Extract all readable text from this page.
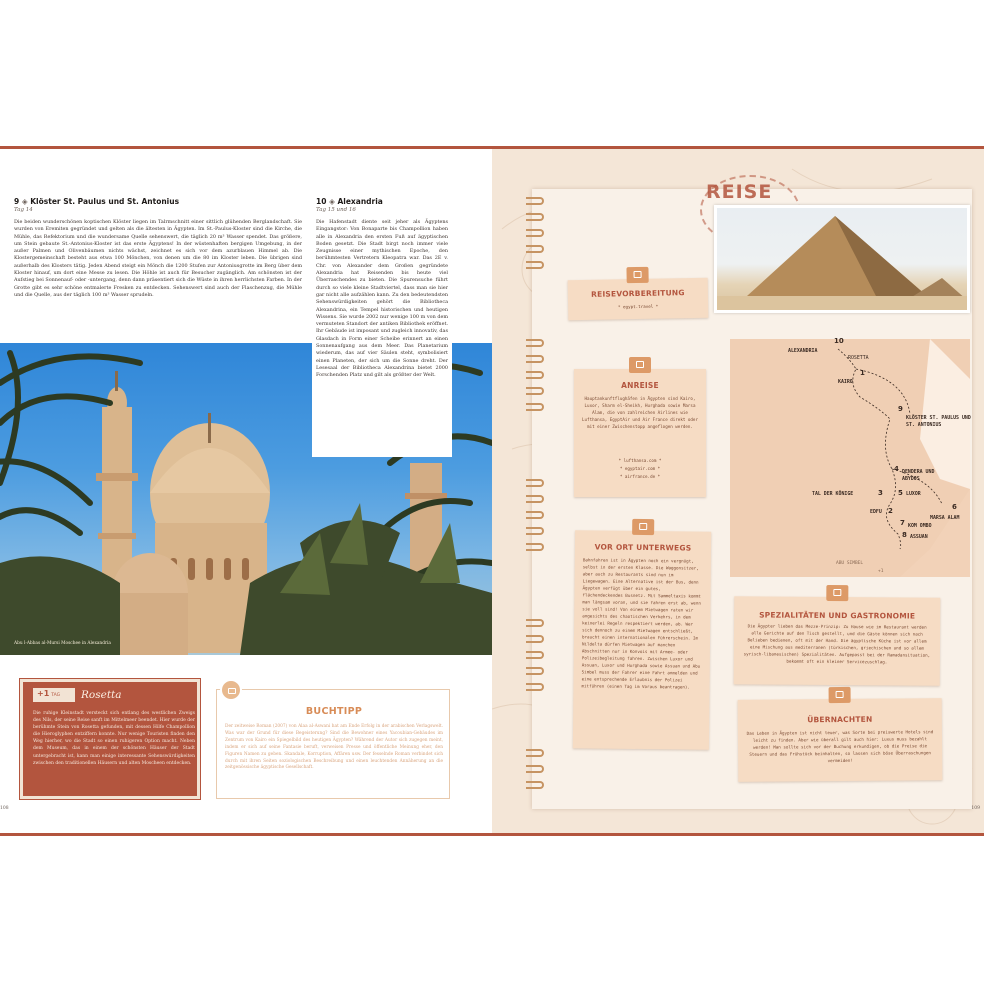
9 ◈ Klöster St. Paulus und St. Antonius
Tag 14
Die beiden wunderschönen koptischen Klöster liegen im Talrmschnitt einer sittlich glühenden Berglandschaft. Sie wurden von Eremiten gegründet und gelten als die ältesten in Ägypten. Im St.-Paulus-Kloster sind die Kirche, die Mühle, das Refektorium und die wundersame Quelle sehenswert, die täglich 20 m³ Wasser spendet. Das größere, um Stein gebaute St.-Antonius-Kloster ist das erste Ägyptens! In der wüstenhaften bergigen Umgebung, in der außer Palmen und Olivenbäumen nichts wächst, zeichnet es sich vor dem azurblauen Himmel ab. Die Klostergemeinschaft besteht aus etwa 100 Mönchen, von denen um die 80 im Kloster leben. Die übrigen sind außerhalb des Klosters tätig. Jeden Abend steigt ein Mönch die 1200 Stufen zur Antoniusgrotte im Berg über dem Kloster hinauf, um dort eine Messe zu lesen. Die Höhle ist auch für Besucher zugänglich. Am schönsten ist der Aufstieg bei Sonnenauf- oder -untergang, denn dann präsentiert sich die Wüste in ihren herrlichsten Farben. In der Grotte gibt es sehr schöne entmalerte Fresken zu entdecken. Sehenswert sind auch der Flaschenzug, die Mühle und die Quelle, aus der täglich 100 m³ Wasser sprudeln.
Abu l-Abbas al-Mursi Moschee in Alexandria
10 ◈ Alexandria
Tag 15 und 16
Die Hafenstadt diente seit jeher als Ägyptens Eingangstor: Von Bonaparte bis Champollion haben alle in Alexandria den ersten Fuß auf ägyptischen Boden gesetzt. Die Stadt birgt noch immer viele Zeugnisse einer mythischen Epoche, den berühmtesten Vertretern Kleopatra war. Das 2E v. Chr. von Alexander dem Großen gegründete Alexandria hat Reisenden bis heute viel Überraschendes zu bieten. Die Spurensuche führt durch so viele kleine Stadtviertel, dass man sie hier gar nicht alle aufzählen kann. Zu den bedeutendsten Sehenswürdigkeiten gehört die Bibliotheca Alexandrina, ein Tempel historischen und heutigen Wissens. Sie wurde 2002 nur wenige 100 m von dem vermuteten Standort der antiken Bibliothek eröffnet. Ihr Gebäude ist imposant und zugleich innovativ, das Glasdach in Form einer Scheibe erinnert an einen Sonnenaufgang aus dem Meer. Das Planetarium wiederum, das auf vier Säulen steht, symbolisiert einen Planeten, der sich um die Sonne dreht. Der Lesesaal der Bibliotheca Alexandrina bietet 2000 Forschenden Platz und gilt als größter der Welt.
+1 TAG	Rosetta
Die ruhige Kleinstadt versteckt sich entlang des westlichen Zweigs des Nils, der seine Reise sanft im Mittelmeer beendet. Hier wurde der berühmte Stein von Rosetta gefunden, mit dessen Hilfe Champollion die Hieroglyphen entziffern konnte. Nur wenige Touristen finden den Weg hierher, wo die Stadt so einen ruhigeren Option macht. Neben dem Museum, das in einem der schönsten Häuser der Stadt untergebracht ist, kann man einige interessante Sehenswürdigkeiten zwischen den traditionellen Häusern und alten Moscheen entdecken.
BUCHTIPP
Der zeitweise Roman (2007) von Alaa al-Aswani hat am Ende Erfolg in der arabischen Verlagswelt. Was war der Grund für diese Begeisterung? Sind die Bewohner eines Yacoubian-Gebäudes im Zentrum von Kairo ein Spiegelbild des heutigen Ägypten? Während der Autor sich zugegen meint, indem er sich auf seine Fantasie beruft, verweisen Presse und öffentliche Meinung eher, den Figuren Namen zu geben. Skandale, Korruption, Affären usw. Der fesselnde Roman verbindet sich durch mit ihren Seiten soziologischen Beschreibung und einen leuchtenden Annäherung an die zeitgenössische ägyptische Gesellschaft.
108
REISE
REISEVORBEREITUNG
* egypt.travel *
ANREISE
Hauptankunftflughäfen in Ägypten sind Kairo, Luxor, Sharm el-Sheikh, Hurghada sowie Marsa Alam, die von zahlreichen Airlines wie Lufthansa, EgyptAir und Air France direkt oder mit einer Zwischenstopp angeflogen werden.
* lufthansa.com *
* egyptair.com *
* airfrance.de *
VOR ORT UNTERWEGS
Bahnfahren ist in Ägypten noch ein vergnügt, selbst in der ersten Klasse. Die Waggonsitzer, aber auch zu Restaurants sind nun im Liegewagen. Eine Alternative ist der Bus, denn Ägypten verfügt über ein gutes, flächendeckendes Busnetz. Mit Sammeltaxis kommt man längsam voran, und sie fahren erst ab, wenn sie voll sind! Von einem Mietwagen raten wir angesichts des chaotischen Verkehrs, in dem keinerlei Regeln respektiert werden, ab. Wer sich dennoch zu einem Mietwagen entschließt, braucht einen internationalen Führerschein. Im Nildelta dürfen Mietwagen auf manchen Abschnitten nur in Konvois mit Armee- oder Polizeibegleitung fahren. Zwischen Luxor und Assuan, Luxor und Hurghada sowie Assuan und Abu Simbel muss der Fahrer eine Fahrt anmelden und eine entsprechende Erlaubnis der Polizei mitführen (einen Tag im Voraus beantragen).
10
ALEXANDRIA
ROSETTA
1
KAIRO
9
KLÖSTER ST. PAULUS UND ST. ANTONIUS
4 DENDERA UND ABYDOS
5 LUXOR
TAL DER KÖNIGE	3
EDFU 2	6
MARSA ALAM
7 KOM OMBO
8 ASSUAN
ABU SIMBEL
+1
SPEZIALITÄTEN UND GASTRONOMIE
Die Ägypter lieben das Mezze-Prinzip: Zu Hause wie im Restaurant werden alle Gerichte auf den Tisch gestellt, und die Gäste können sich nach Belieben bedienen, oft mit der Hand. Die ägyptische Küche ist vor allem eine Mischung aus mediterranen (türkischen, griechischen und so allem syrisch-libanesischen) Spezialitäten. Aufgepasst bei der Ramadansituation, bekommt oft ein kleiner Servicezuschlag.
ÜBERNACHTEN
Das Leben in Ägypten ist nicht teuer, was Sorte bei preiswerte Hotels sind leicht zu finden. Aber wie überall gilt auch hier: Luxus muss bezahlt werden! Man sollte sich vor der Buchung erkundigen, ob die Preise die Steuern und das Frühstück beinhalten, so lassen sich böse Überraschungen vermeiden!
109
